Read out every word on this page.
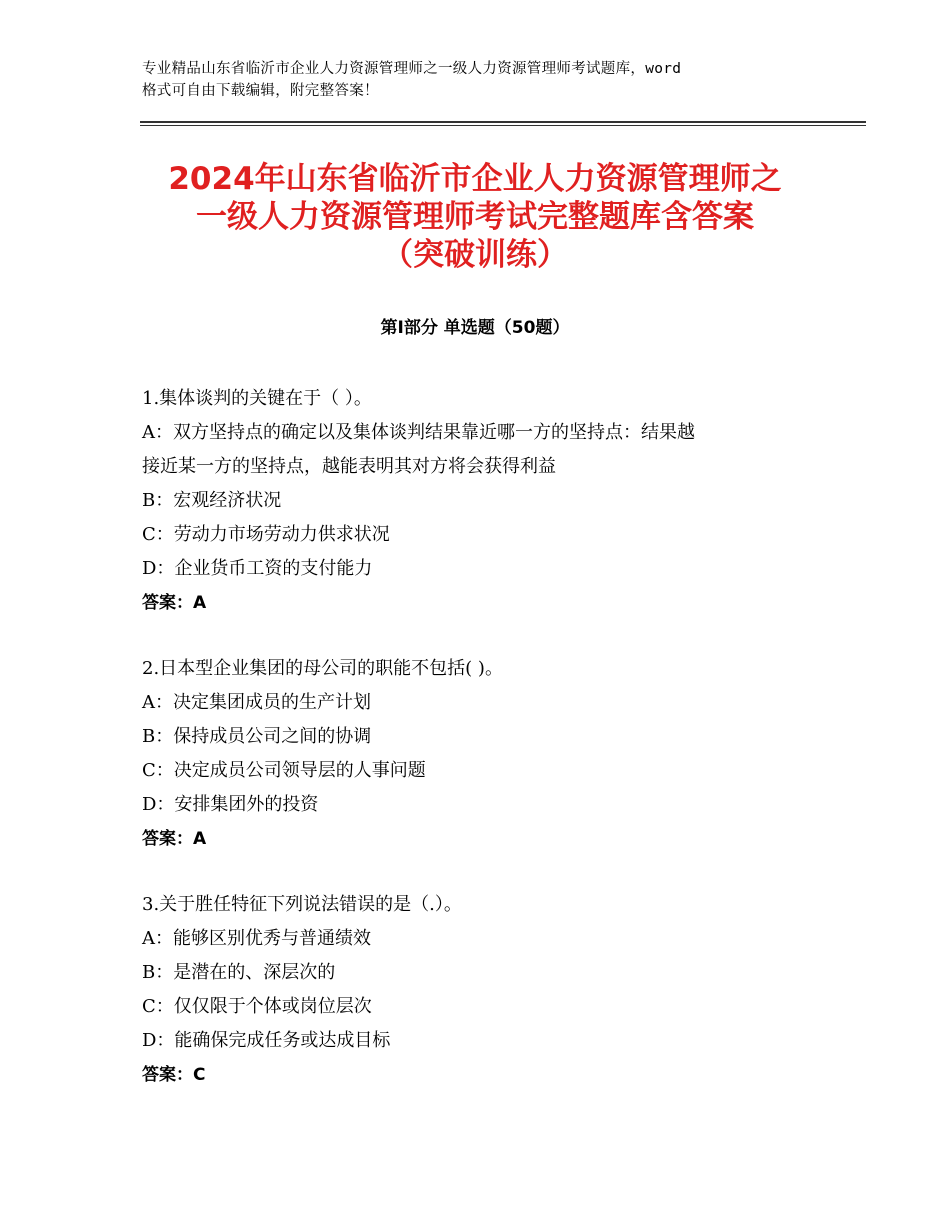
专业精品山东省临沂市企业人力资源管理师之一级人力资源管理师考试题库，word
格式可自由下载编辑，附完整答案！
2024年山东省临沂市企业人力资源管理师之
一级人力资源管理师考试完整题库含答案
（突破训练）
第Ⅰ部分 单选题（50题）
1.集体谈判的关键在于（ ）。
A：双方坚持点的确定以及集体谈判结果靠近哪一方的坚持点：结果越
接近某一方的坚持点，越能表明其对方将会获得利益
B：宏观经济状况
C：劳动力市场劳动力供求状况
D：企业货币工资的支付能力
答案：A
2.日本型企业集团的母公司的职能不包括( )。
A：决定集团成员的生产计划
B：保持成员公司之间的协调
C：决定成员公司领导层的人事问题
D：安排集团外的投资
答案：A
3.关于胜任特征下列说法错误的是（.）。
A：能够区别优秀与普通绩效
B：是潜在的、深层次的
C：仅仅限于个体或岗位层次
D：能确保完成任务或达成目标
答案：C
